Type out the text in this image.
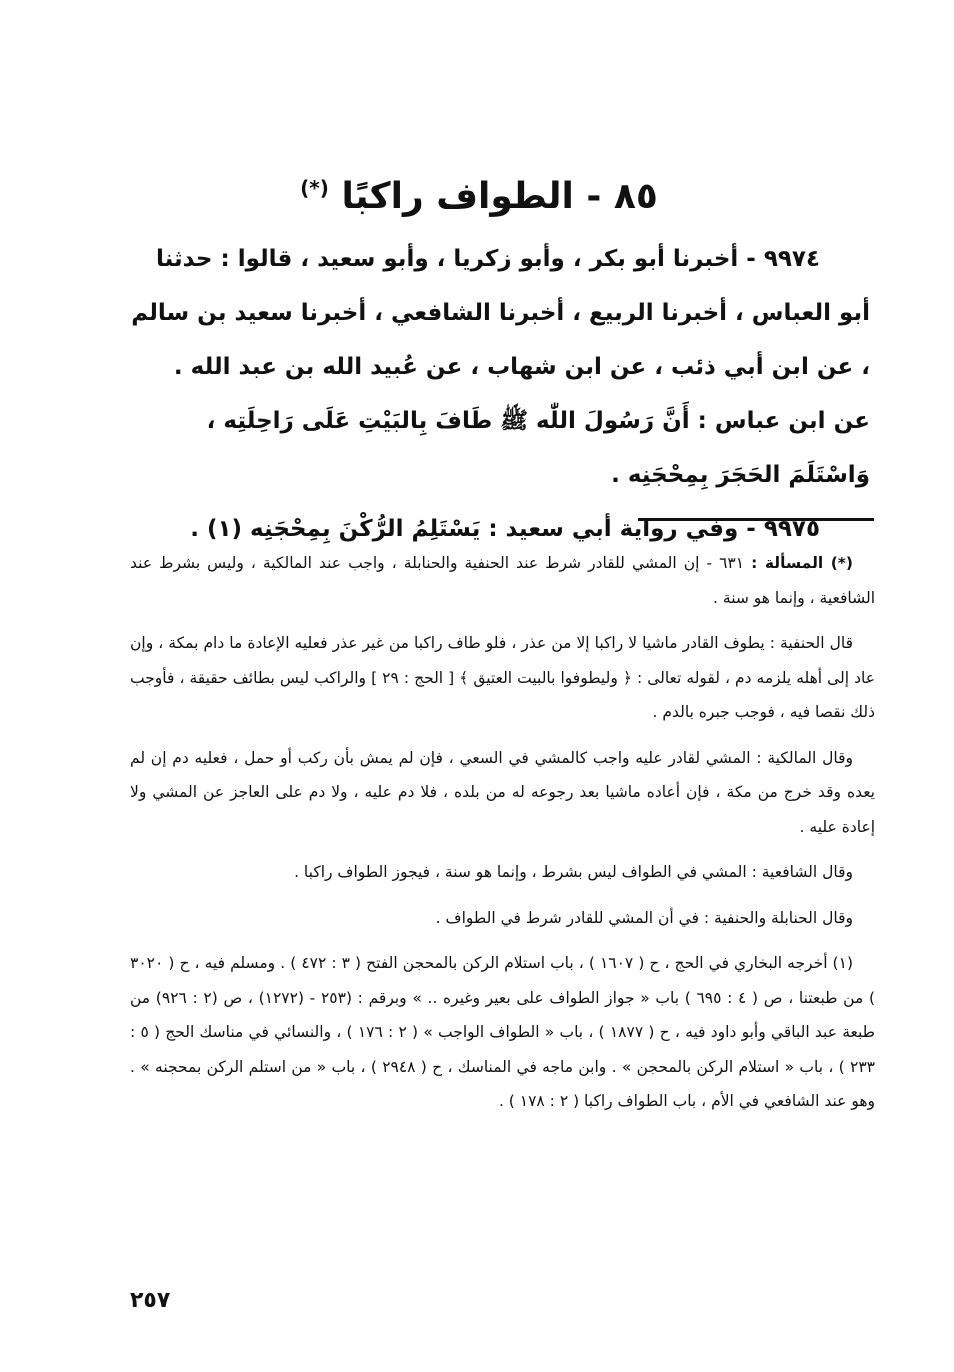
٨٥ - الطواف راكبًا (*)

٩٩٧٤ - أخبرنا أبو بكر ، وأبو زكريا ، وأبو سعيد ، قالوا : حدثنا أبو العباس ، أخبرنا الربيع ، أخبرنا الشافعي ، أخبرنا سعيد بن سالم ، عن ابن أبي ذئب ، عن ابن شهاب ، عن عُبيد الله بن عبد الله . عن ابن عباس : أَنَّ رَسُولَ اللّٰه ﷺ طَافَ بِالبَيْتِ عَلَى رَاحِلَتِه ، وَاسْتَلَمَ الحَجَرَ بِمِحْجَنِه .

٩٩٧٥ - وفي رواية أبي سعيد : يَسْتَلِمُ الرُّكْنَ بِمِحْجَنِه (١) .

(*) المسألة : ٦٣١ - إن المشي للقادر شرط عند الحنفية والحنابلة ، واجب عند المالكية ، وليس بشرط عند الشافعية ، وإنما هو سنة .

قال الحنفية : يطوف القادر ماشيا لا راكبا إلا من عذر ، فلو طاف راكبا من غير عذر فعليه الإعادة ما دام بمكة ، وإن عاد إلى أهله يلزمه دم ، لقوله تعالى : ﴿ وليطوفوا بالبيت العتيق ﴾ [ الحج : ٢٩ ] والراكب ليس بطائف حقيقة ، فأوجب ذلك نقصا فيه ، فوجب جبره بالدم .

وقال المالكية : المشي لقادر عليه واجب كالمشي في السعي ، فإن لم يمش بأن ركب أو حمل ، فعليه دم إن لم يعده وقد خرج من مكة ، فإن أعاده ماشيا بعد رجوعه له من بلده ، فلا دم عليه ، ولا دم على العاجز عن المشي ولا إعادة عليه .

وقال الشافعية : المشي في الطواف ليس بشرط ، وإنما هو سنة ، فيجوز الطواف راكبا .

وقال الحنابلة والحنفية : في أن المشي للقادر شرط في الطواف .

(١) أخرجه البخاري في الحج ، ح ( ١٦٠٧ ) ، باب استلام الركن بالمحجن الفتح ( ٣ : ٤٧٢ ) . ومسلم فيه ، ح ( ٣٠٢٠ ) من طبعتنا ، ص ( ٤ : ٦٩٥ ) باب « جواز الطواف على بعير وغيره .. » وبرقم : (٢٥٣ - (١٢٧٢) ، ص (٢ : ٩٢٦) من طبعة عبد الباقي وأبو داود فيه ، ح ( ١٨٧٧ ) ، باب « الطواف الواجب » ( ٢ : ١٧٦ ) ، والنسائي في مناسك الحج ( ٥ : ٢٣٣ ) ، باب « استلام الركن بالمحجن » . وابن ماجه في المناسك ، ح ( ٢٩٤٨ ) ، باب « من استلم الركن بمحجنه » . وهو عند الشافعي في الأم ، باب الطواف راكبا ( ٢ : ١٧٨ ) .

٢٥٧
